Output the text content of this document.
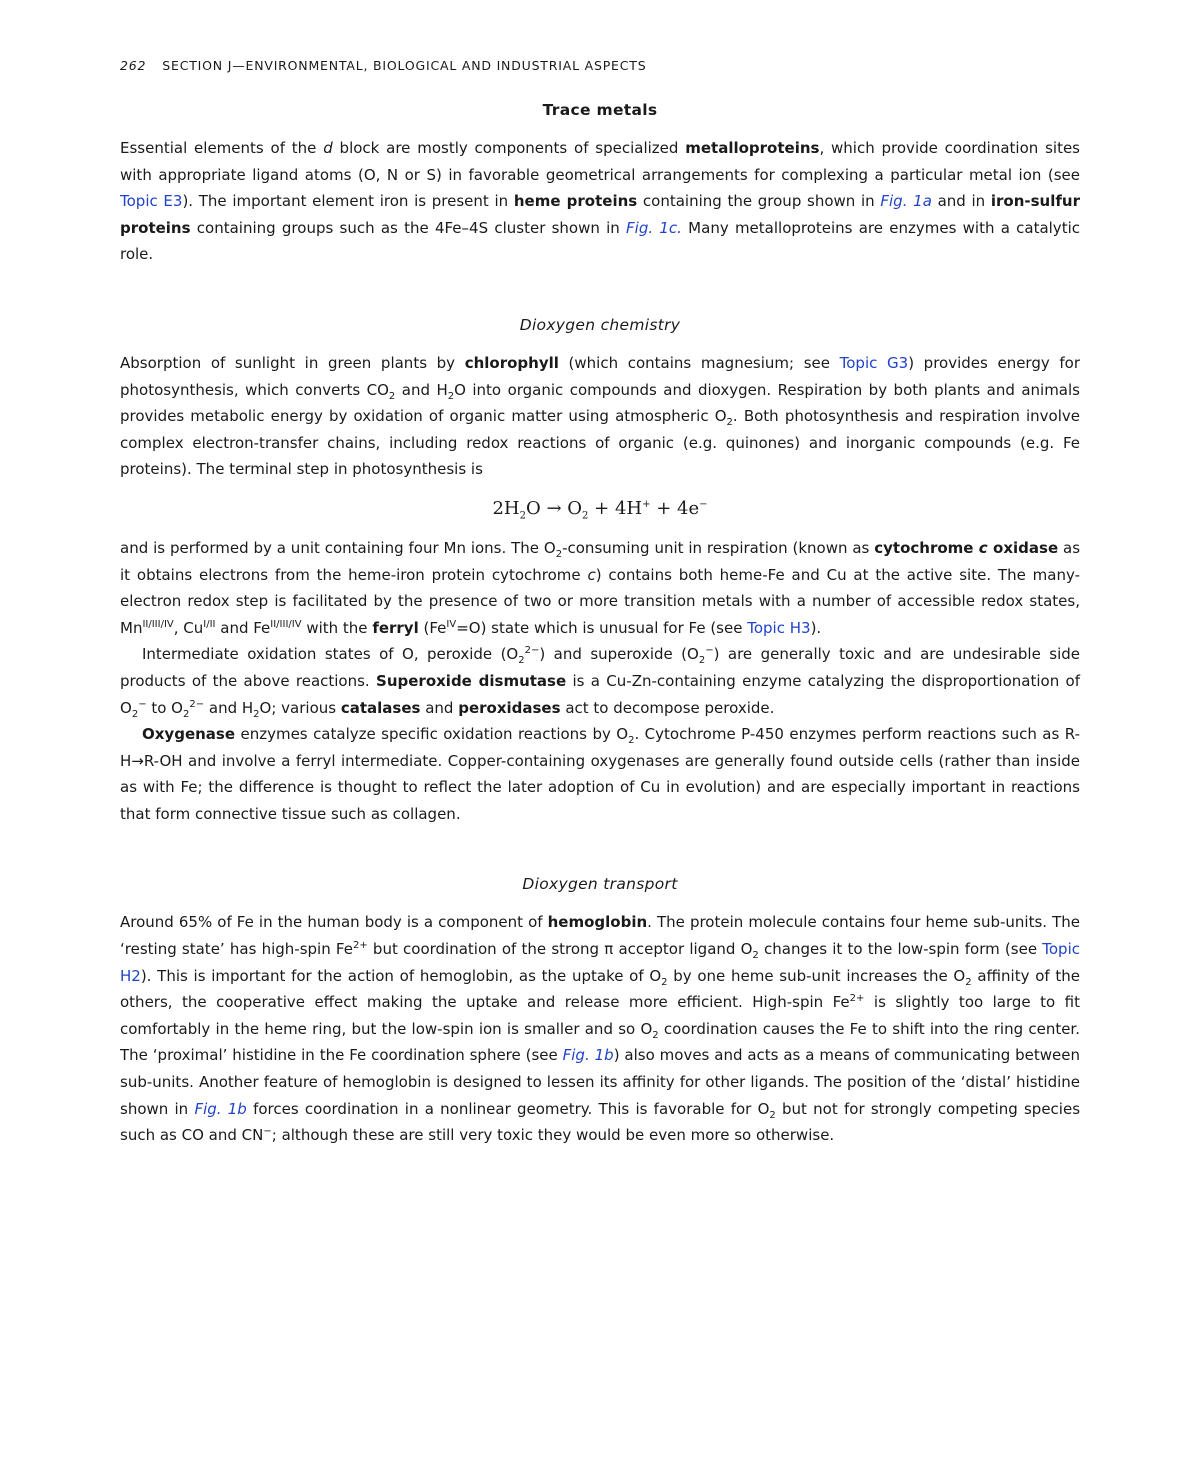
262 SECTION J—ENVIRONMENTAL, BIOLOGICAL AND INDUSTRIAL ASPECTS
Trace metals

Essential elements of the d block are mostly components of specialized metalloproteins, which provide coordination sites with appropriate ligand atoms (O, N or S) in favorable geometrical arrangements for complexing a particular metal ion (see Topic E3). The important element iron is present in heme proteins containing the group shown in Fig. 1a and in iron-sulfur proteins containing groups such as the 4Fe–4S cluster shown in Fig. 1c. Many metalloproteins are enzymes with a catalytic role.

Dioxygen chemistry

Absorption of sunlight in green plants by chlorophyll (which contains magnesium; see Topic G3) provides energy for photosynthesis, which converts $CO_2$ and $H_2O$ into organic compounds and dioxygen. Respiration by both plants and animals provides metabolic energy by oxidation of organic matter using atmospheric $O_2$. Both photosynthesis and respiration involve complex electron-transfer chains, including redox reactions of organic (e.g. quinones) and inorganic compounds (e.g. Fe proteins). The terminal step in photosynthesis is

$2H_2O \to O_2 + 4H^+ + 4e^-$

and is performed by a unit containing four Mn ions. The $O_2$-consuming unit in respiration (known as cytochrome c oxidase as it obtains electrons from the heme-iron protein cytochrome c) contains both heme-Fe and Cu at the active site. The many-electron redox step is facilitated by the presence of two or more transition metals with a number of accessible redox states, $Mn^{II/III/IV}$, $Cu^{I/II}$ and $Fe^{II/III/IV}$ with the ferryl $(Fe^{IV}=O)$ state which is unusual for Fe (see Topic H3).

Intermediate oxidation states of O, peroxide $(O_2^{2-})$ and superoxide $(O_2^-)$ are generally toxic and are undesirable side products of the above reactions. Superoxide dismutase is a Cu-Zn-containing enzyme catalyzing the disproportionation of $O_2^-$ to $O_2^{2-}$ and $H_2O$; various catalases and peroxidases act to decompose peroxide.

Oxygenase enzymes catalyze specific oxidation reactions by $O_2$. Cytochrome P-450 enzymes perform reactions such as R-H→R-OH and involve a ferryl intermediate. Copper-containing oxygenases are generally found outside cells (rather than inside as with Fe; the difference is thought to reflect the later adoption of Cu in evolution) and are especially important in reactions that form connective tissue such as collagen.

Dioxygen transport

Around 65% of Fe in the human body is a component of hemoglobin. The protein molecule contains four heme sub-units. The ‘resting state’ has high-spin $Fe^{2+}$ but coordination of the strong π acceptor ligand $O_2$ changes it to the low-spin form (see Topic H2). This is important for the action of hemoglobin, as the uptake of $O_2$ by one heme sub-unit increases the $O_2$ affinity of the others, the cooperative effect making the uptake and release more efficient. High-spin $Fe^{2+}$ is slightly too large to fit comfortably in the heme ring, but the low-spin ion is smaller and so $O_2$ coordination causes the Fe to shift into the ring center. The ‘proximal’ histidine in the Fe coordination sphere (see Fig. 1b) also moves and acts as a means of communicating between sub-units. Another feature of hemoglobin is designed to lessen its affinity for other ligands. The position of the ‘distal’ histidine shown in Fig. 1b forces coordination in a nonlinear geometry. This is favorable for $O_2$ but not for strongly competing species such as CO and CN−; although these are still very toxic they would be even more so otherwise.
